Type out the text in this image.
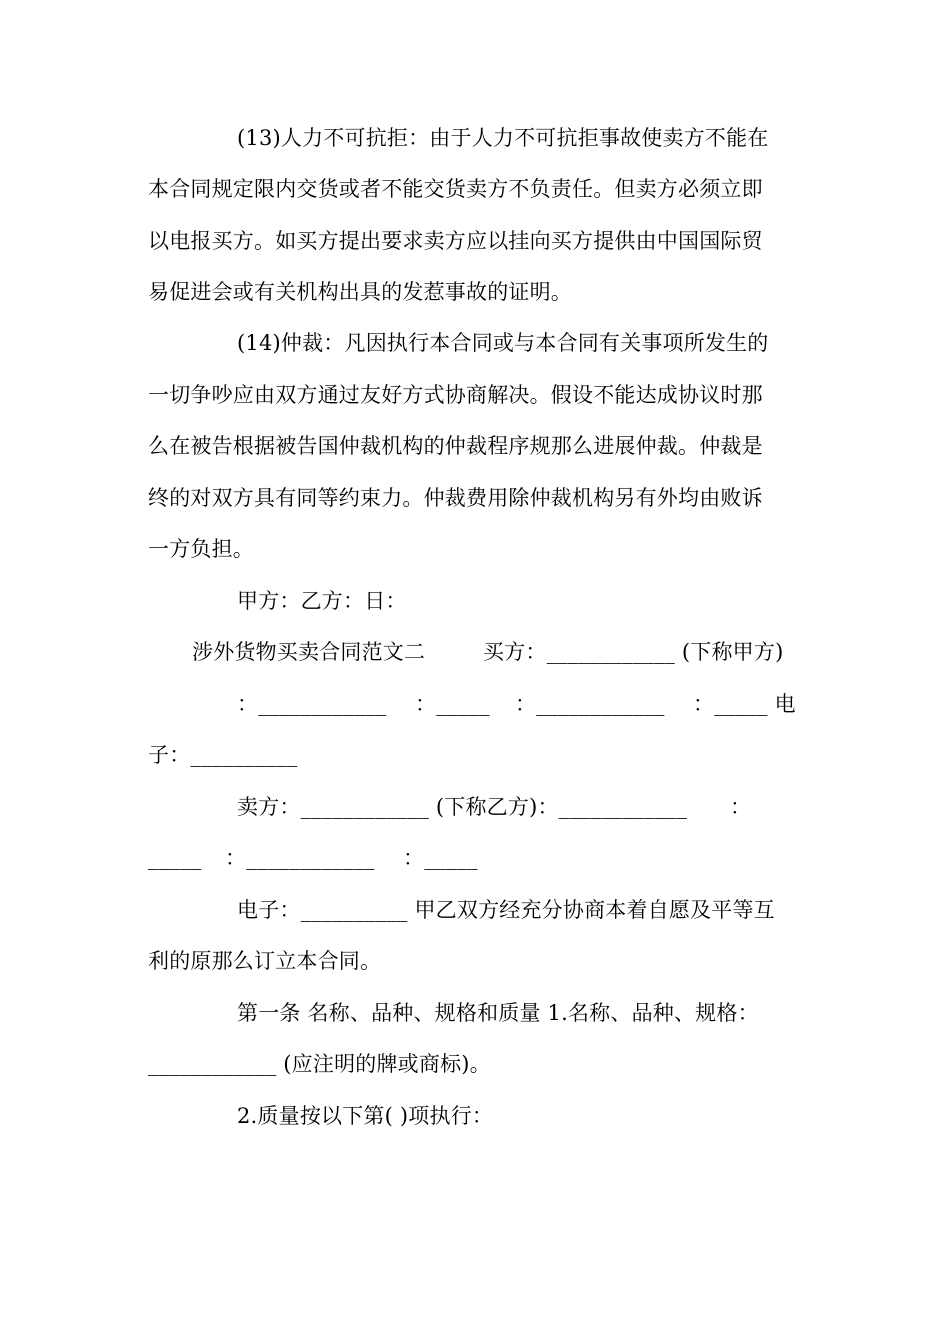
(13)人力不可抗拒：由于人力不可抗拒事故使卖方不能在
本合同规定限内交货或者不能交货卖方不负责任。但卖方必须立即
以电报买方。如买方提出要求卖方应以挂向买方提供由中国国际贸
易促进会或有关机构出具的发惹事故的证明。
(14)仲裁：凡因执行本合同或与本合同有关事项所发生的
一切争吵应由双方通过友好方式协商解决。假设不能达成协议时那
么在被告根据被告国仲裁机构的仲裁程序规那么进展仲裁。仲裁是
终的对双方具有同等约束力。仲裁费用除仲裁机构另有外均由败诉
一方负担。
甲方：乙方：日：
涉外货物买卖合同范文二	买方：____________ (下称甲方)
：____________ ：_____ ：____________ ：_____ 电
子：__________
卖方：____________ (下称乙方)：____________ ：
_____ ：____________ ：_____
电子：__________ 甲乙双方经充分协商本着自愿及平等互
利的原那么订立本合同。
第一条 名称、品种、规格和质量 1.名称、品种、规格：
____________ (应注明的牌或商标)。
2.质量按以下第( )项执行：
